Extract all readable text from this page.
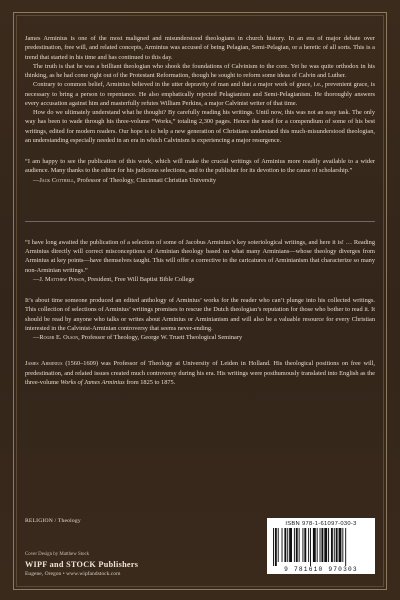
James Arminius is one of the most maligned and misunderstood theologians in church history. In an era of major debate over predestination, free will, and related concepts, Arminius was accused of being Pelagian, Semi-Pelagian, or a heretic of all sorts. This is a trend that started in his time and has continued to this day.

The truth is that he was a brilliant theologian who shook the foundations of Calvinism to the core. Yet he was quite orthodox in his thinking, as he had come right out of the Protestant Reformation, though he sought to reform some ideas of Calvin and Luther.

Contrary to common belief, Arminius believed in the utter depravity of man and that a major work of grace, i.e., prevenient grace, is necessary to bring a person to repentance. He also emphatically rejected Pelagianism and Semi-Pelagianism. He thoroughly answers every accusation against him and masterfully refutes William Perkins, a major Calvinist writer of that time.

How do we ultimately understand what he thought? By carefully reading his writings. Until now, this was not an easy task. The only way has been to wade through his three-volume “Works,” totaling 2,300 pages. Hence the need for a compendium of some of his best writings, edited for modern readers. Our hope is to help a new generation of Christians understand this much-misunderstood theologian, an understanding especially needed in an era in which Calvinism is experiencing a major resurgence.

“I am happy to see the publication of this work, which will make the crucial writings of Arminius more readily available to a wider audience. Many thanks to the editor for his judicious selections, and to the publisher for its devotion to the cause of scholarship.”

—Jack Cottrell, Professor of Theology, Cincinnati Christian University

“I have long awaited the publication of a selection of some of Jacobus Arminius’s key soteriological writings, and here it is! … Reading Arminius directly will correct misconceptions of Arminian theology based on what many Arminians—whose theology diverges from Arminius at key points—have themselves taught. This will offer a corrective to the caricatures of Arminianism that characterize so many non-Arminian writings.”

—J. Matthew Pinson, President, Free Will Baptist Bible College

It’s about time someone produced an edited anthology of Arminius’ works for the reader who can’t plunge into his collected writings. This collection of selections of Arminius’ writings promises to rescue the Dutch theologian’s reputation for those who bother to read it. It should be read by anyone who talks or writes about Arminius or Arminianism and will also be a valuable resource for every Christian interested in the Calvinist-Arminian controversy that seems never-ending.

—Roger E. Olson, Professor of Theology, George W. Truett Theological Seminary

James Arminius (1560–1609) was Professor of Theology at University of Leiden in Holland. His theological positions on free will, predestination, and related issues created much controversy during his era. His writings were posthumously translated into English as the three-volume Works of James Arminius from 1825 to 1875.

RELIGION / Theology
Cover Design by Matthew Stock
WIPF and STOCK Publishers
Eugene, Oregon • www.wipfandstock.com
ISBN 978-1-61097-030-3
9 781610 970303
